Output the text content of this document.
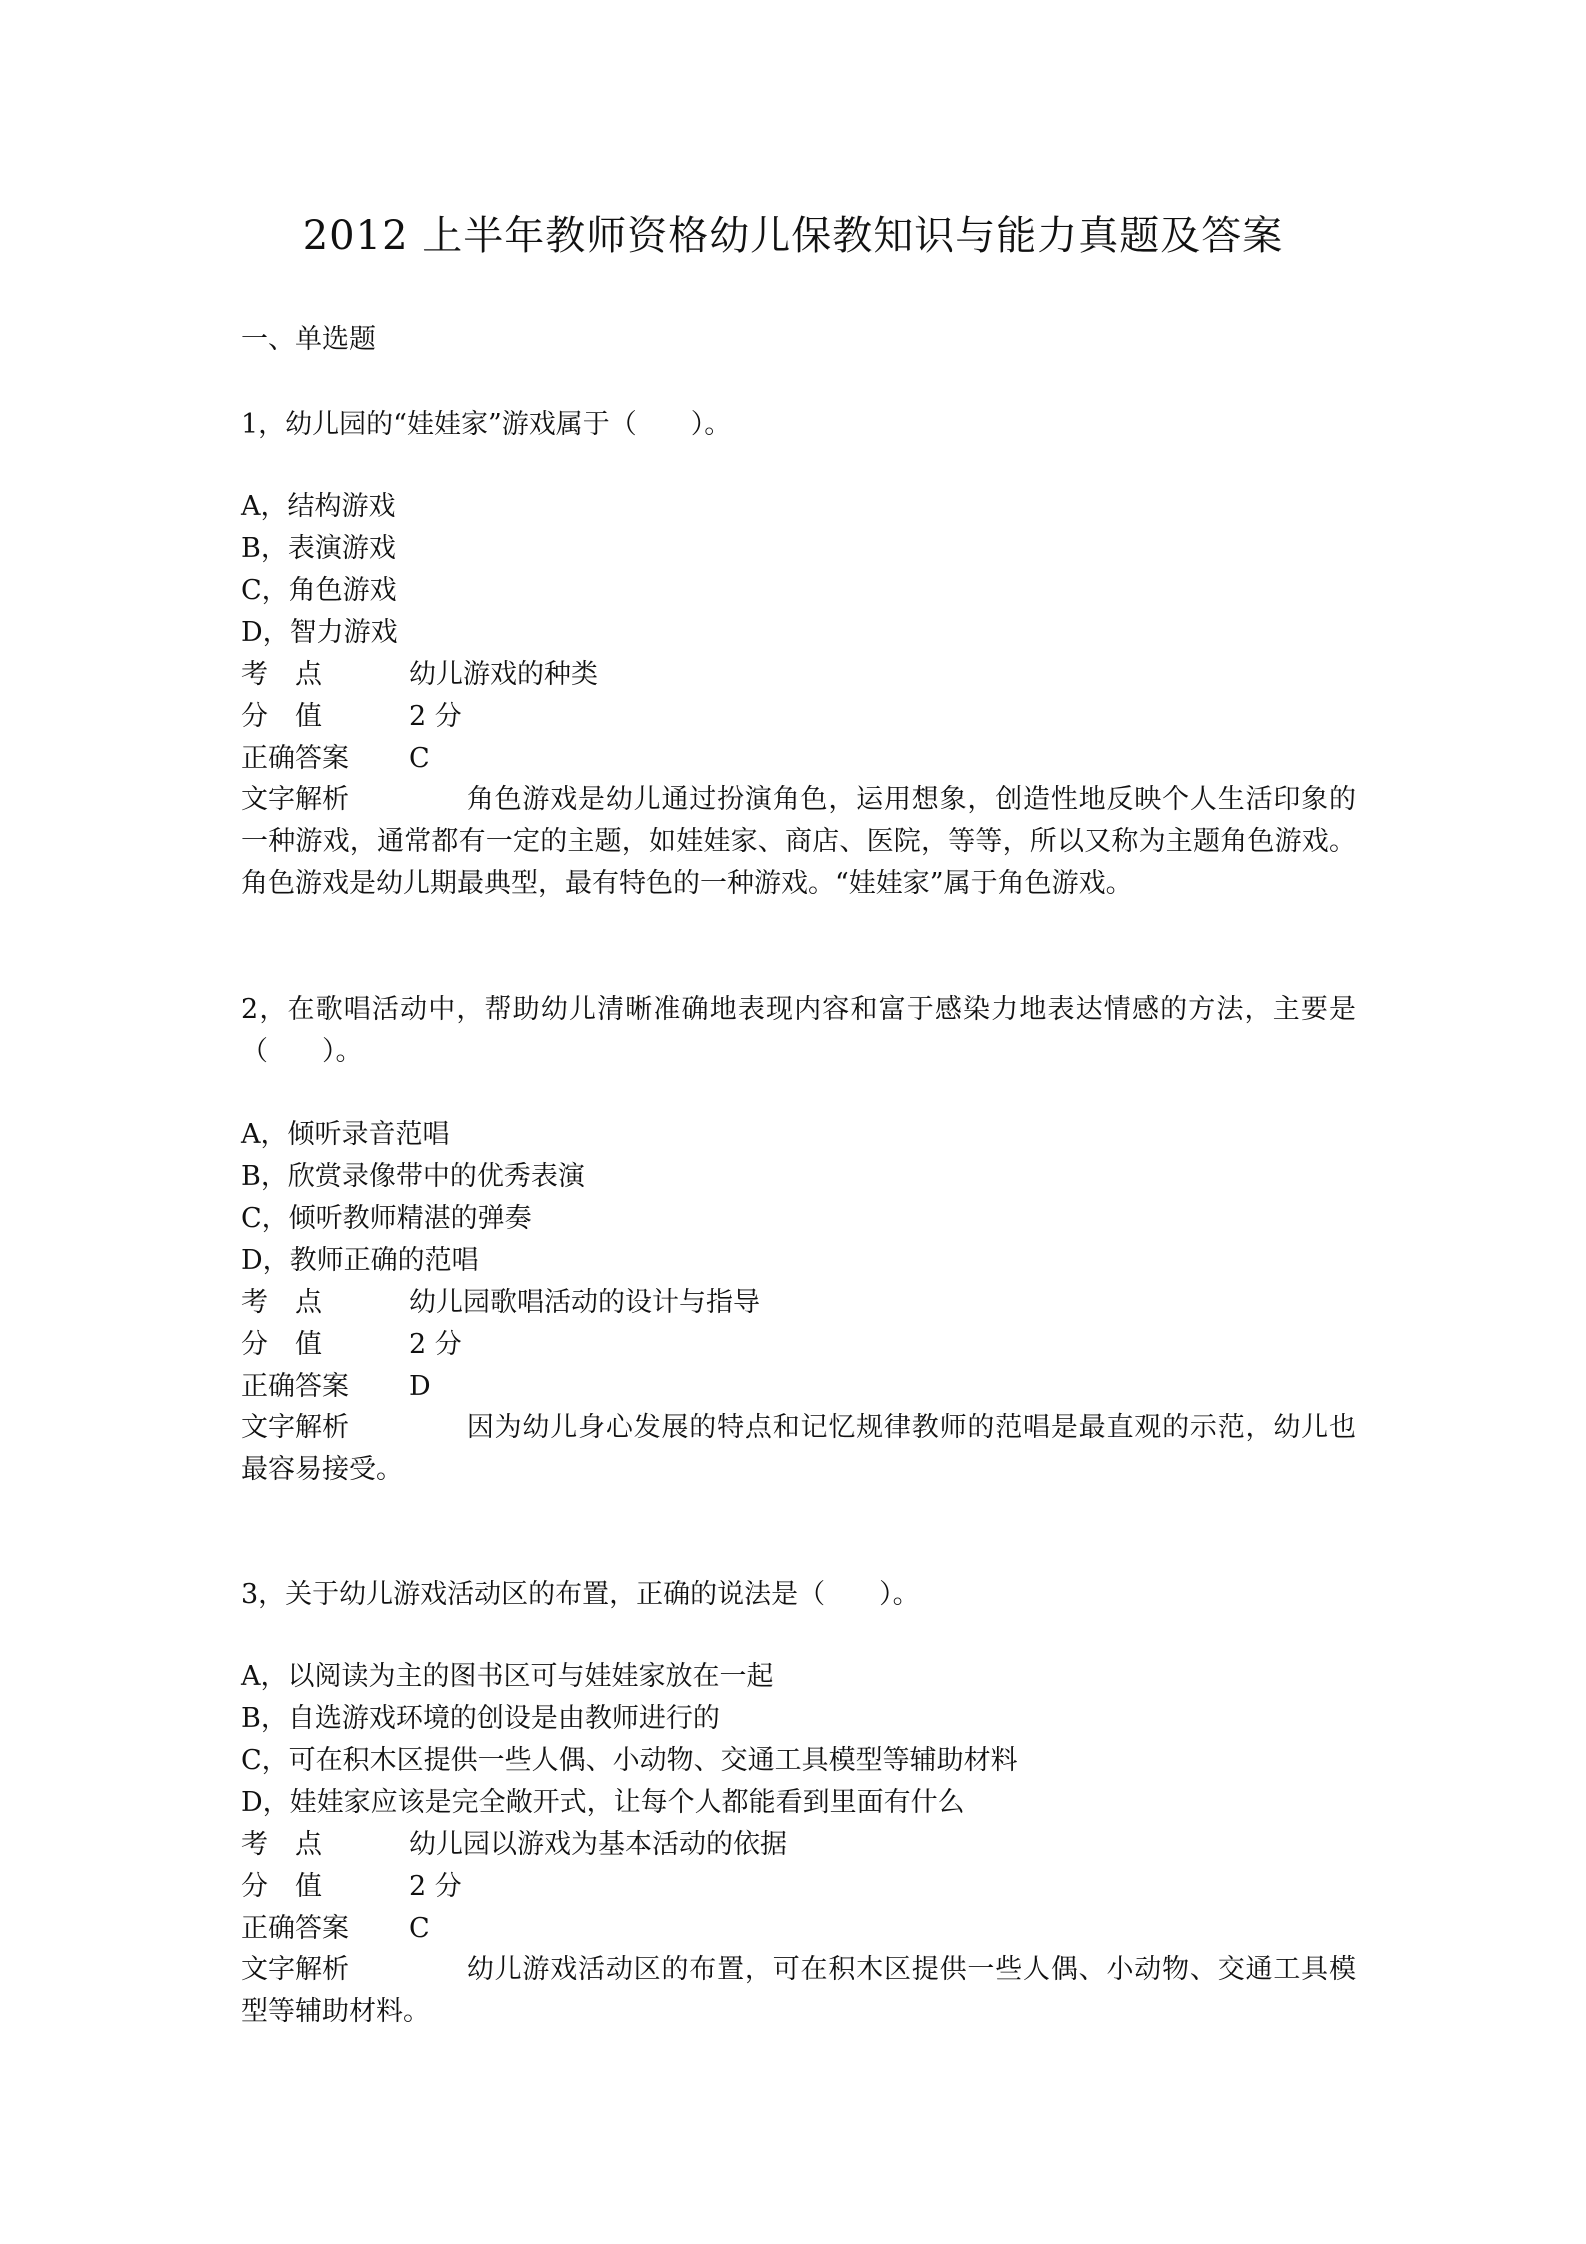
2012 上半年教师资格幼儿保教知识与能力真题及答案
一、单选题
1，幼儿园的“娃娃家”游戏属于（　　）。
A，结构游戏
B，表演游戏
C，角色游戏
D，智力游戏
考　点	幼儿游戏的种类
分　值	2 分
正确答案 C
文字解析	角色游戏是幼儿通过扮演角色，运用想象，创造性地反映个人生活印象的一种游戏，通常都有一定的主题，如娃娃家、商店、医院，等等，所以又称为主题角色游戏。角色游戏是幼儿期最典型，最有特色的一种游戏。“娃娃家”属于角色游戏。
2，在歌唱活动中，帮助幼儿清晰准确地表现内容和富于感染力地表达情感的方法，主要是（　　）。
A，倾听录音范唱
B，欣赏录像带中的优秀表演
C，倾听教师精湛的弹奏
D，教师正确的范唱
考　点	幼儿园歌唱活动的设计与指导
分　值	2 分
正确答案 D
文字解析	因为幼儿身心发展的特点和记忆规律教师的范唱是最直观的示范，幼儿也最容易接受。
3，关于幼儿游戏活动区的布置，正确的说法是（　　）。
A，以阅读为主的图书区可与娃娃家放在一起
B，自选游戏环境的创设是由教师进行的
C，可在积木区提供一些人偶、小动物、交通工具模型等辅助材料
D，娃娃家应该是完全敞开式，让每个人都能看到里面有什么
考　点	幼儿园以游戏为基本活动的依据
分　值	2 分
正确答案 C
文字解析	幼儿游戏活动区的布置，可在积木区提供一些人偶、小动物、交通工具模型等辅助材料。
